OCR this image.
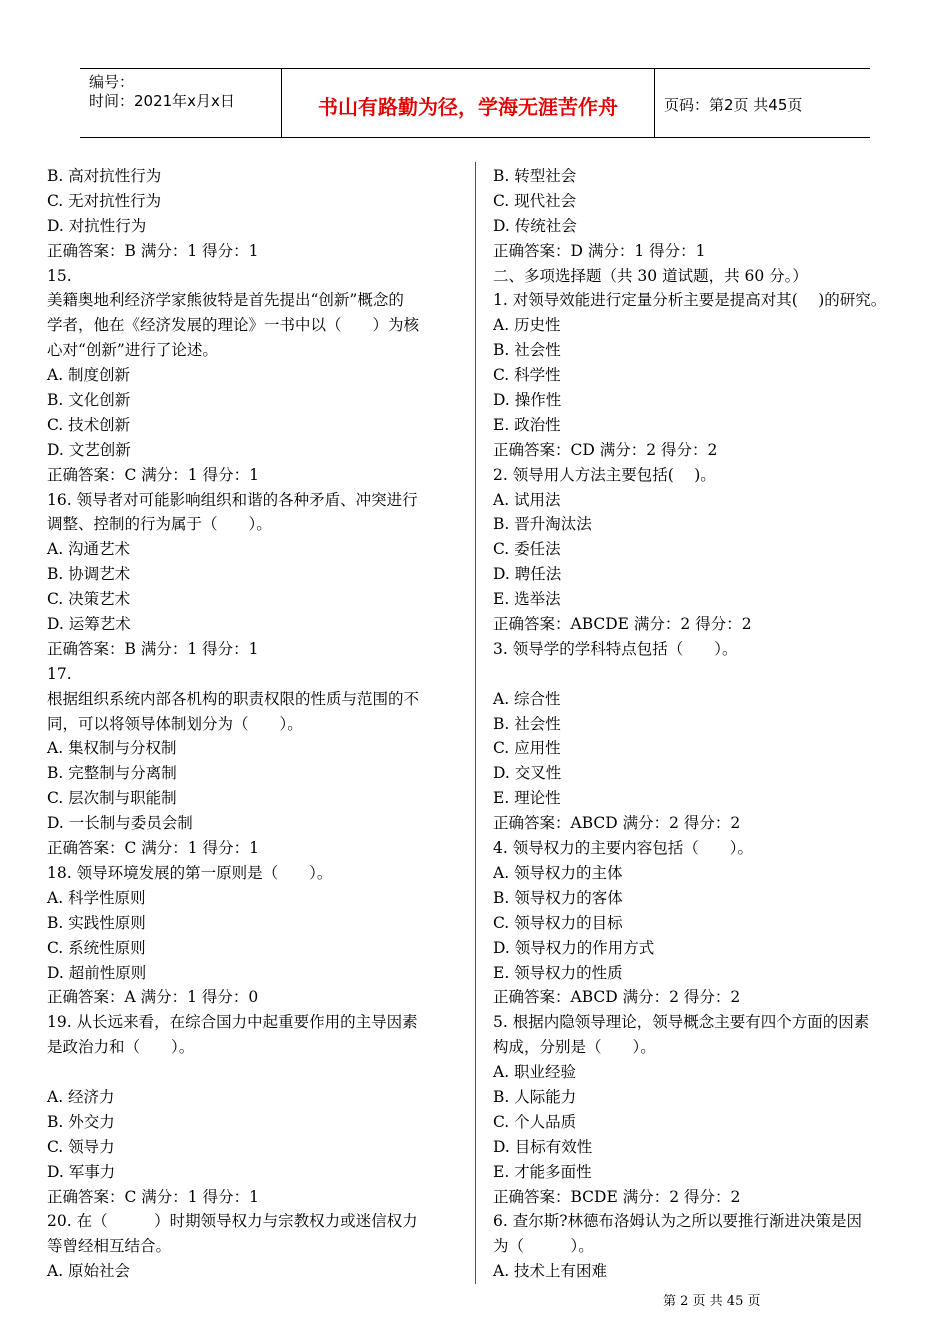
编号：
时间：2021年x月x日	书山有路勤为径，学海无涯苦作舟	页码：第2页 共45页
B. 高对抗性行为
C. 无对抗性行为
D. 对抗性行为
正确答案：B 满分：1 得分：1
15.
美籍奥地利经济学家熊彼特是首先提出“创新”概念的
学者，他在《经济发展的理论》一书中以（　　）为核
心对“创新”进行了论述。
A. 制度创新
B. 文化创新
C. 技术创新
D. 文艺创新
正确答案：C 满分：1 得分：1
16. 领导者对可能影响组织和谐的各种矛盾、冲突进行
调整、控制的行为属于（　　）。
A. 沟通艺术
B. 协调艺术
C. 决策艺术
D. 运筹艺术
正确答案：B 满分：1 得分：1
17.
根据组织系统内部各机构的职责权限的性质与范围的不
同，可以将领导体制划分为（　　）。
A. 集权制与分权制
B. 完整制与分离制
C. 层次制与职能制
D. 一长制与委员会制
正确答案：C 满分：1 得分：1
18. 领导环境发展的第一原则是（　　）。
A. 科学性原则
B. 实践性原则
C. 系统性原则
D. 超前性原则
正确答案：A 满分：1 得分：0
19. 从长远来看，在综合国力中起重要作用的主导因素
是政治力和（　　）。
A. 经济力
B. 外交力
C. 领导力
D. 军事力
正确答案：C 满分：1 得分：1
20. 在（　　　）时期领导权力与宗教权力或迷信权力
等曾经相互结合。
A. 原始社会
B. 转型社会
C. 现代社会
D. 传统社会
正确答案：D 满分：1 得分：1
二、多项选择题（共 30 道试题，共 60 分。）
1. 对领导效能进行定量分析主要是提高对其(　 )的研究。
A. 历史性
B. 社会性
C. 科学性
D. 操作性
E. 政治性
正确答案：CD 满分：2 得分：2
2. 领导用人方法主要包括(　 )。
A. 试用法
B. 晋升淘汰法
C. 委任法
D. 聘任法
E. 选举法
正确答案：ABCDE 满分：2 得分：2
3. 领导学的学科特点包括（　　）。
A. 综合性
B. 社会性
C. 应用性
D. 交叉性
E. 理论性
正确答案：ABCD 满分：2 得分：2
4. 领导权力的主要内容包括（　　）。
A. 领导权力的主体
B. 领导权力的客体
C. 领导权力的目标
D. 领导权力的作用方式
E. 领导权力的性质
正确答案：ABCD 满分：2 得分：2
5. 根据内隐领导理论，领导概念主要有四个方面的因素
构成，分别是（　　）。
A. 职业经验
B. 人际能力
C. 个人品质
D. 目标有效性
E. 才能多面性
正确答案：BCDE 满分：2 得分：2
6. 查尔斯?林德布洛姆认为之所以要推行渐进决策是因
为（　　　）。
A. 技术上有困难
第 2 页 共 45 页
